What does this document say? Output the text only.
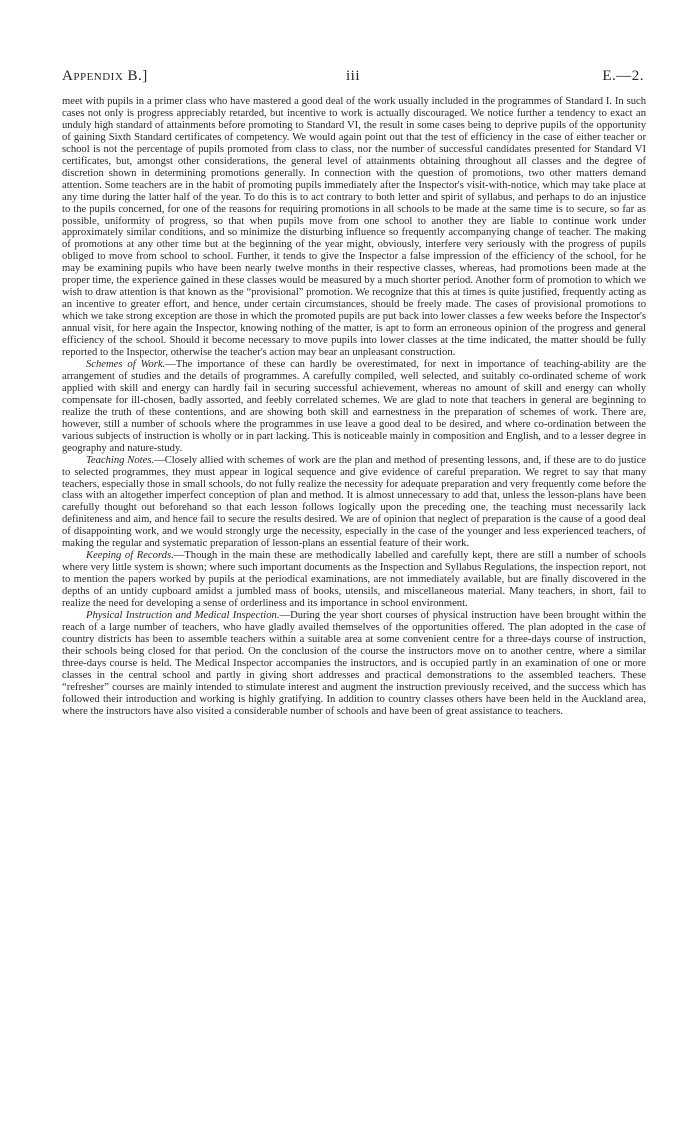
Appendix B.]	iii	E.—2.

meet with pupils in a primer class who have mastered a good deal of the work usually included in the programmes of Standard I. In such cases not only is progress appreciably retarded, but incentive to work is actually discouraged. We notice further a tendency to exact an unduly high standard of attainments before promoting to Standard VI, the result in some cases being to deprive pupils of the opportunity of gaining Sixth Standard certificates of competency. We would again point out that the test of efficiency in the case of either teacher or school is not the percentage of pupils promoted from class to class, nor the number of successful candidates presented for Standard VI certificates, but, amongst other considerations, the general level of attainments obtaining throughout all classes and the degree of discretion shown in determining promotions generally. In connection with the question of promotions, two other matters demand attention. Some teachers are in the habit of promoting pupils immediately after the Inspector's visit-with-notice, which may take place at any time during the latter half of the year. To do this is to act contrary to both letter and spirit of syllabus, and perhaps to do an injustice to the pupils concerned, for one of the reasons for requiring promotions in all schools to be made at the same time is to secure, so far as possible, uniformity of progress, so that when pupils move from one school to another they are liable to continue work under approximately similar conditions, and so minimize the disturbing influence so frequently accompanying change of teacher. The making of promotions at any other time but at the beginning of the year might, obviously, interfere very seriously with the progress of pupils obliged to move from school to school. Further, it tends to give the Inspector a false impression of the efficiency of the school, for he may be examining pupils who have been nearly twelve months in their respective classes, whereas, had promotions been made at the proper time, the experience gained in these classes would be measured by a much shorter period. Another form of promotion to which we wish to draw attention is that known as the “provisional” promotion. We recognize that this at times is quite justified, frequently acting as an incentive to greater effort, and hence, under certain circumstances, should be freely made. The cases of provisional promotions to which we take strong exception are those in which the promoted pupils are put back into lower classes a few weeks before the Inspector's annual visit, for here again the Inspector, knowing nothing of the matter, is apt to form an erroneous opinion of the progress and general efficiency of the school. Should it become necessary to move pupils into lower classes at the time indicated, the matter should be fully reported to the Inspector, otherwise the teacher's action may bear an unpleasant construction.

Schemes of Work.—The importance of these can hardly be overestimated, for next in importance of teaching-ability are the arrangement of studies and the details of programmes. A carefully compiled, well selected, and suitably co-ordinated scheme of work applied with skill and energy can hardly fail in securing successful achievement, whereas no amount of skill and energy can wholly compensate for ill-chosen, badly assorted, and feebly correlated schemes. We are glad to note that teachers in general are beginning to realize the truth of these contentions, and are showing both skill and earnestness in the preparation of schemes of work. There are, however, still a number of schools where the programmes in use leave a good deal to be desired, and where co-ordination between the various subjects of instruction is wholly or in part lacking. This is noticeable mainly in composition and English, and to a lesser degree in geography and nature-study.

Teaching Notes.—Closely allied with schemes of work are the plan and method of presenting lessons, and, if these are to do justice to selected programmes, they must appear in logical sequence and give evidence of careful preparation. We regret to say that many teachers, especially those in small schools, do not fully realize the necessity for adequate preparation and very frequently come before the class with an altogether imperfect conception of plan and method. It is almost unnecessary to add that, unless the lesson-plans have been carefully thought out beforehand so that each lesson follows logically upon the preceding one, the teaching must necessarily lack definiteness and aim, and hence fail to secure the results desired. We are of opinion that neglect of preparation is the cause of a good deal of disappointing work, and we would strongly urge the necessity, especially in the case of the younger and less experienced teachers, of making the regular and systematic preparation of lesson-plans an essential feature of their work.

Keeping of Records.—Though in the main these are methodically labelled and carefully kept, there are still a number of schools where very little system is shown; where such important documents as the Inspection and Syllabus Regulations, the inspection report, not to mention the papers worked by pupils at the periodical examinations, are not immediately available, but are finally discovered in the depths of an untidy cupboard amidst a jumbled mass of books, utensils, and miscellaneous material. Many teachers, in short, fail to realize the need for developing a sense of orderliness and its importance in school environment.

Physical Instruction and Medical Inspection.—During the year short courses of physical instruction have been brought within the reach of a large number of teachers, who have gladly availed themselves of the opportunities offered. The plan adopted in the case of country districts has been to assemble teachers within a suitable area at some convenient centre for a three-days course of instruction, their schools being closed for that period. On the conclusion of the course the instructors move on to another centre, where a similar three-days course is held. The Medical Inspector accompanies the instructors, and is occupied partly in an examination of one or more classes in the central school and partly in giving short addresses and practical demonstrations to the assembled teachers. These “refresher” courses are mainly intended to stimulate interest and augment the instruction previously received, and the success which has followed their introduction and working is highly gratifying. In addition to country classes others have been held in the Auckland area, where the instructors have also visited a considerable number of schools and have been of great assistance to teachers.
